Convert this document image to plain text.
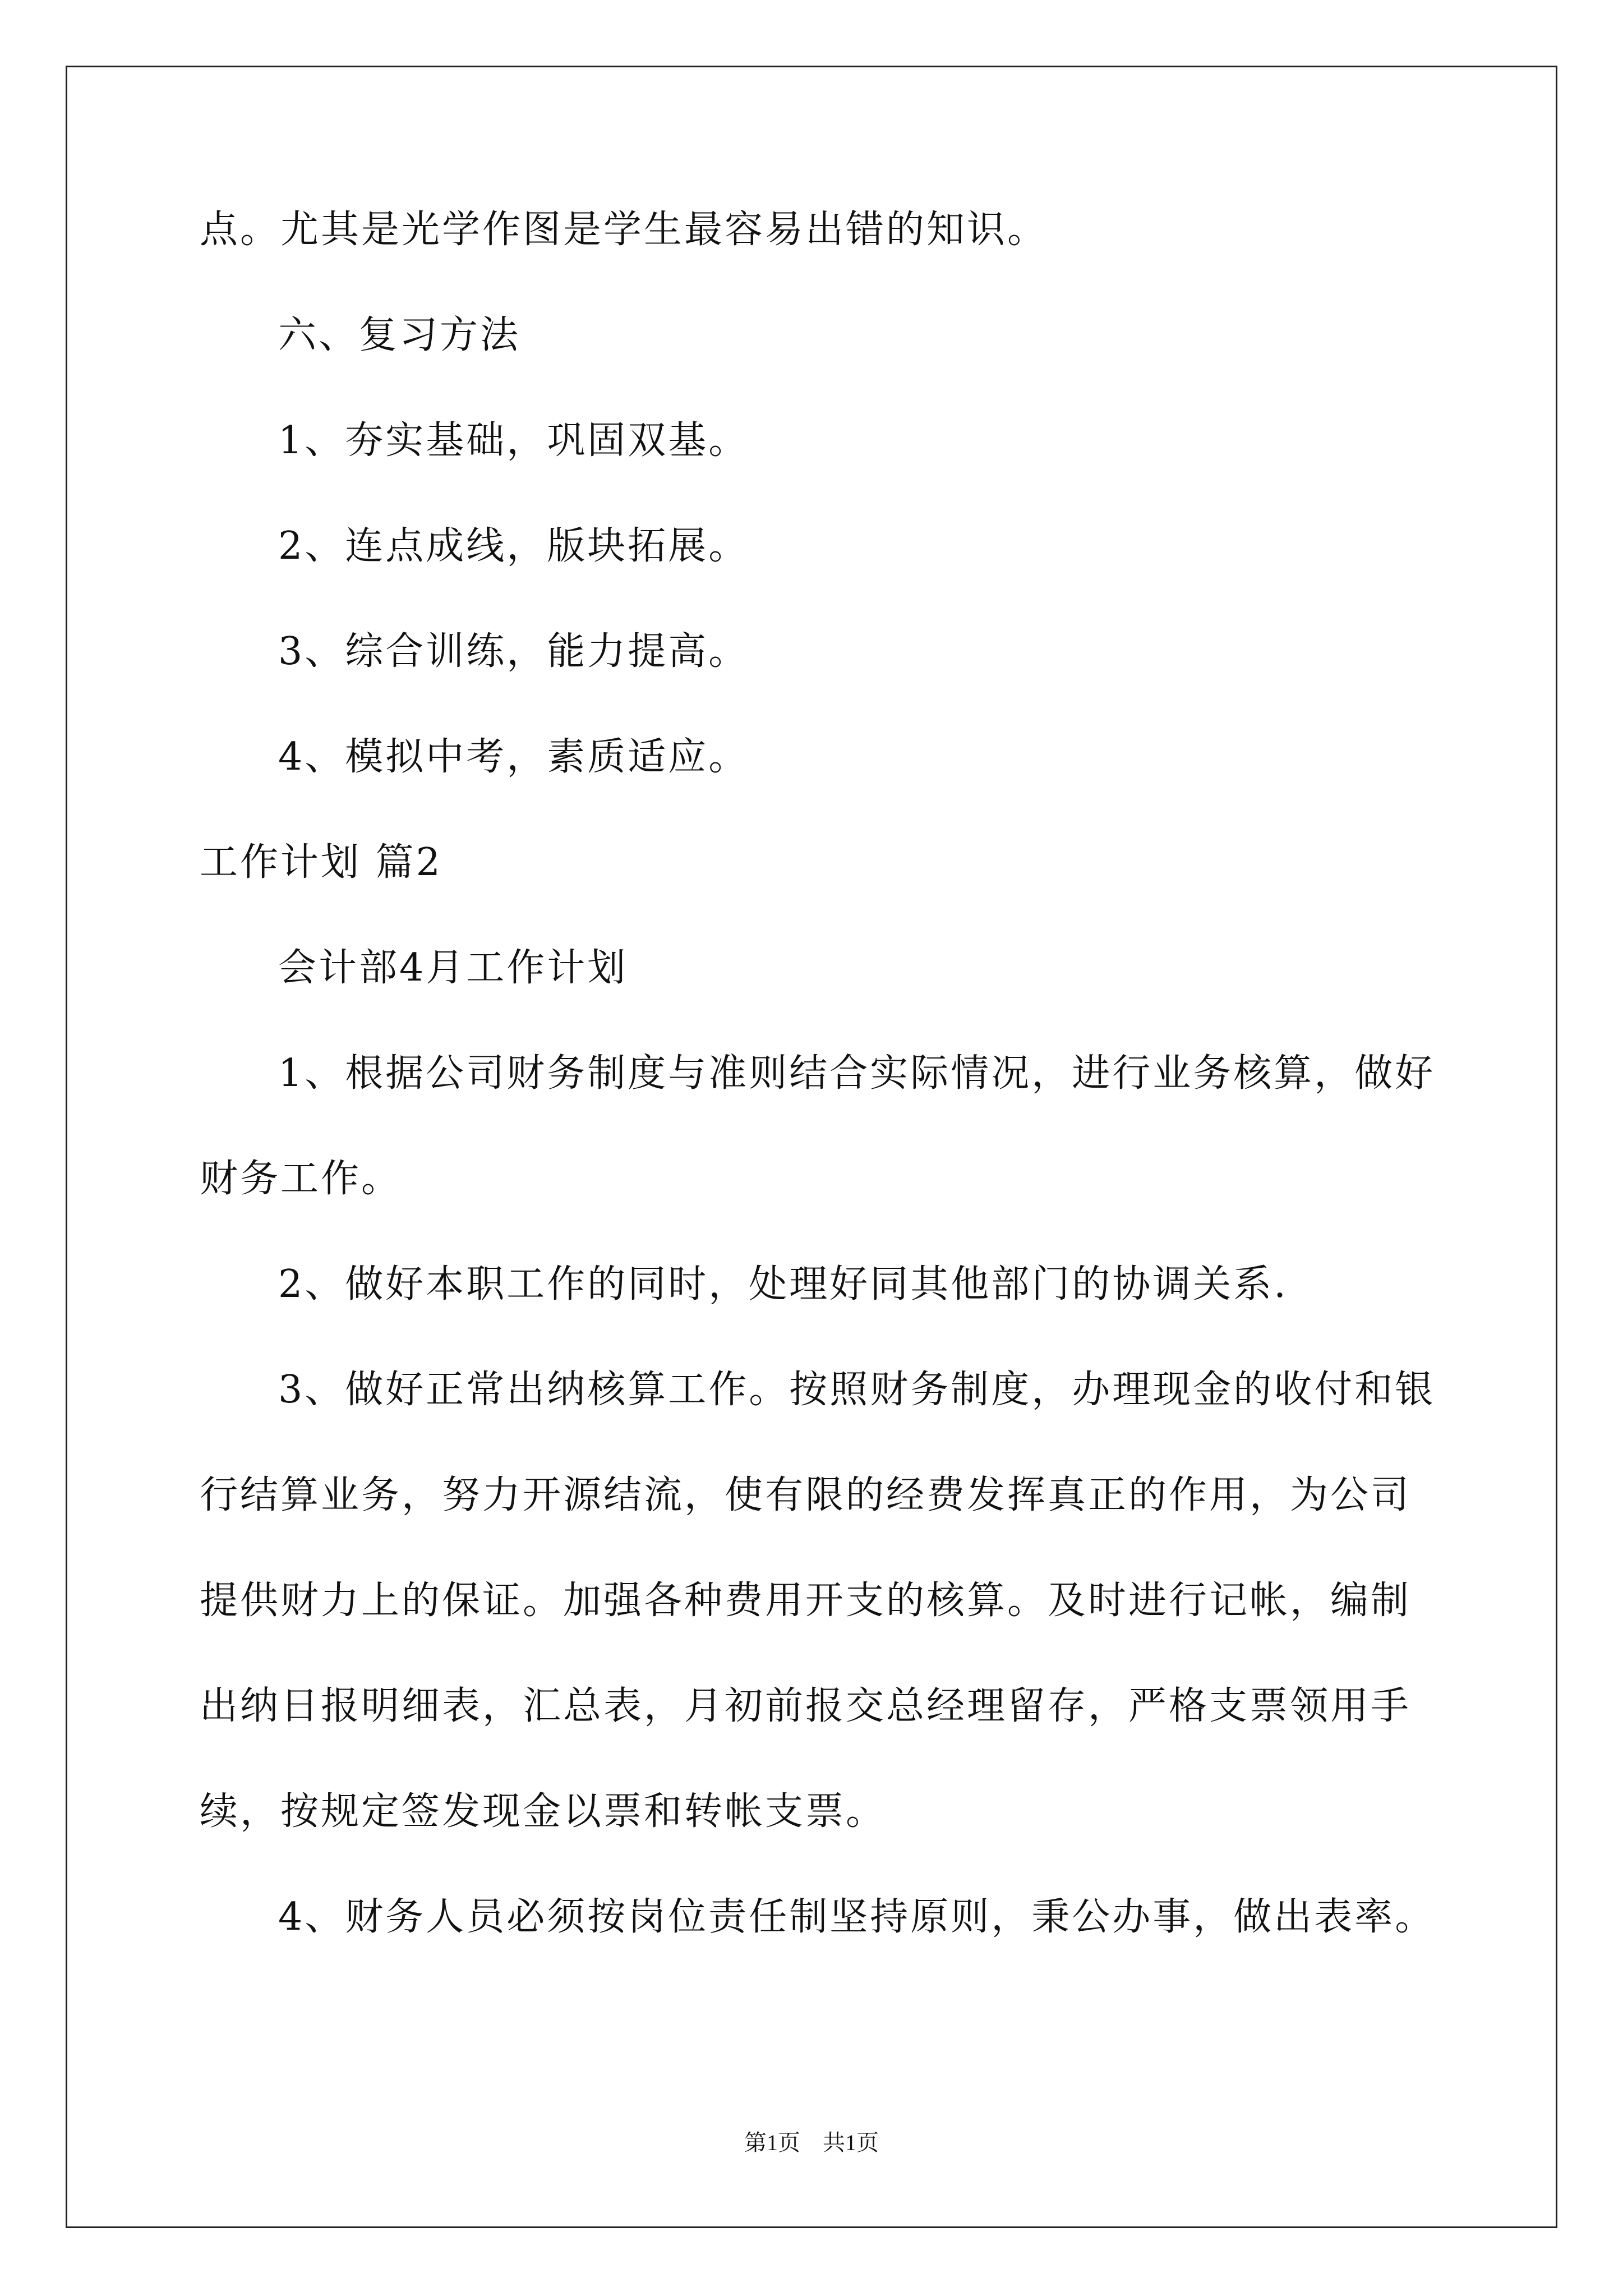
点。尤其是光学作图是学生最容易出错的知识。
六、复习方法
1、夯实基础，巩固双基。
2、连点成线，版块拓展。
3、综合训练，能力提高。
4、模拟中考，素质适应。
工作计划 篇2
会计部4月工作计划
1、根据公司财务制度与准则结合实际情况，进行业务核算，做好
财务工作。
2、做好本职工作的同时，处理好同其他部门的协调关系.
3、做好正常出纳核算工作。按照财务制度，办理现金的收付和银
行结算业务，努力开源结流，使有限的经费发挥真正的作用，为公司
提供财力上的保证。加强各种费用开支的核算。及时进行记帐，编制
出纳日报明细表，汇总表，月初前报交总经理留存，严格支票领用手
续，按规定签发现金以票和转帐支票。
4、财务人员必须按岗位责任制坚持原则，秉公办事，做出表率。
第1页　共1页
